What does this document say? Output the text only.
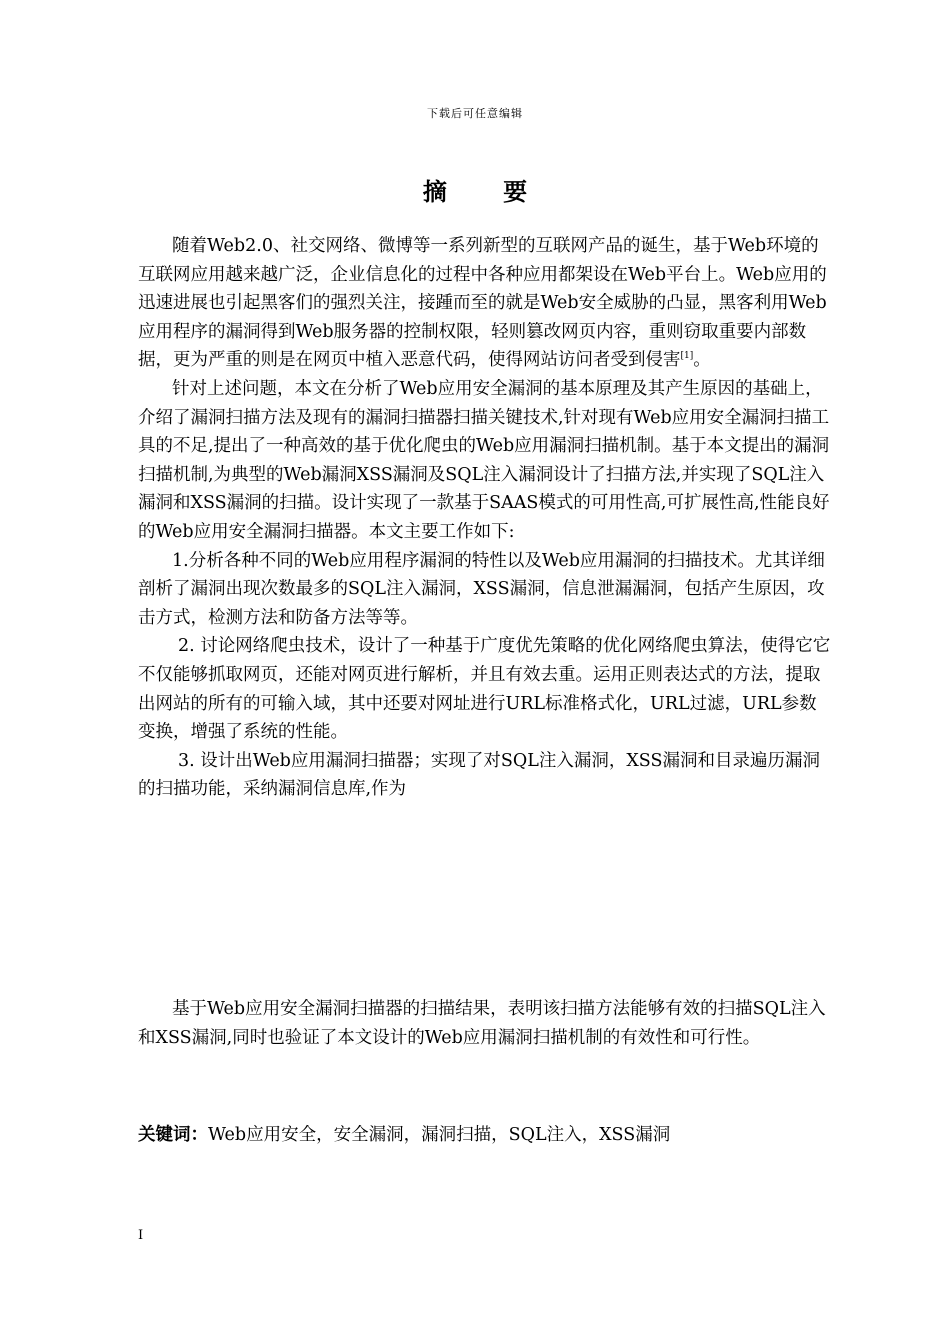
下载后可任意编辑
摘 要

随着Web2.0、社交网络、微博等一系列新型的互联网产品的诞生，基于Web环境的互联网应用越来越广泛，企业信息化的过程中各种应用都架设在Web平台上。Web应用的迅速进展也引起黑客们的强烈关注，接踵而至的就是Web安全威胁的凸显，黑客利用Web应用程序的漏洞得到Web服务器的控制权限，轻则篡改网页内容，重则窃取重要内部数据，更为严重的则是在网页中植入恶意代码，使得网站访问者受到侵害[1]。

针对上述问题，本文在分析了Web应用安全漏洞的基本原理及其产生原因的基础上，介绍了漏洞扫描方法及现有的漏洞扫描器扫描关键技术,针对现有Web应用安全漏洞扫描工具的不足,提出了一种高效的基于优化爬虫的Web应用漏洞扫描机制。基于本文提出的漏洞扫描机制,为典型的Web漏洞XSS漏洞及SQL注入漏洞设计了扫描方法,并实现了SQL注入漏洞和XSS漏洞的扫描。设计实现了一款基于SAAS模式的可用性高,可扩展性高,性能良好的Web应用安全漏洞扫描器。本文主要工作如下:

1.分析各种不同的Web应用程序漏洞的特性以及Web应用漏洞的扫描技术。尤其详细剖析了漏洞出现次数最多的SQL注入漏洞，XSS漏洞，信息泄漏漏洞，包括产生原因，攻击方式，检测方法和防备方法等等。

2. 讨论网络爬虫技术，设计了一种基于广度优先策略的优化网络爬虫算法，使得它它不仅能够抓取网页，还能对网页进行解析，并且有效去重。运用正则表达式的方法，提取出网站的所有的可输入域，其中还要对网址进行URL标准格式化，URL过滤，URL参数变换，增强了系统的性能。

3. 设计出Web应用漏洞扫描器；实现了对SQL注入漏洞，XSS漏洞和目录遍历漏洞的扫描功能，采纳漏洞信息库,作为

基于Web应用安全漏洞扫描器的扫描结果，表明该扫描方法能够有效的扫描SQL注入和XSS漏洞,同时也验证了本文设计的Web应用漏洞扫描机制的有效性和可行性。

关键词：Web应用安全，安全漏洞，漏洞扫描，SQL注入，XSS漏洞
I
